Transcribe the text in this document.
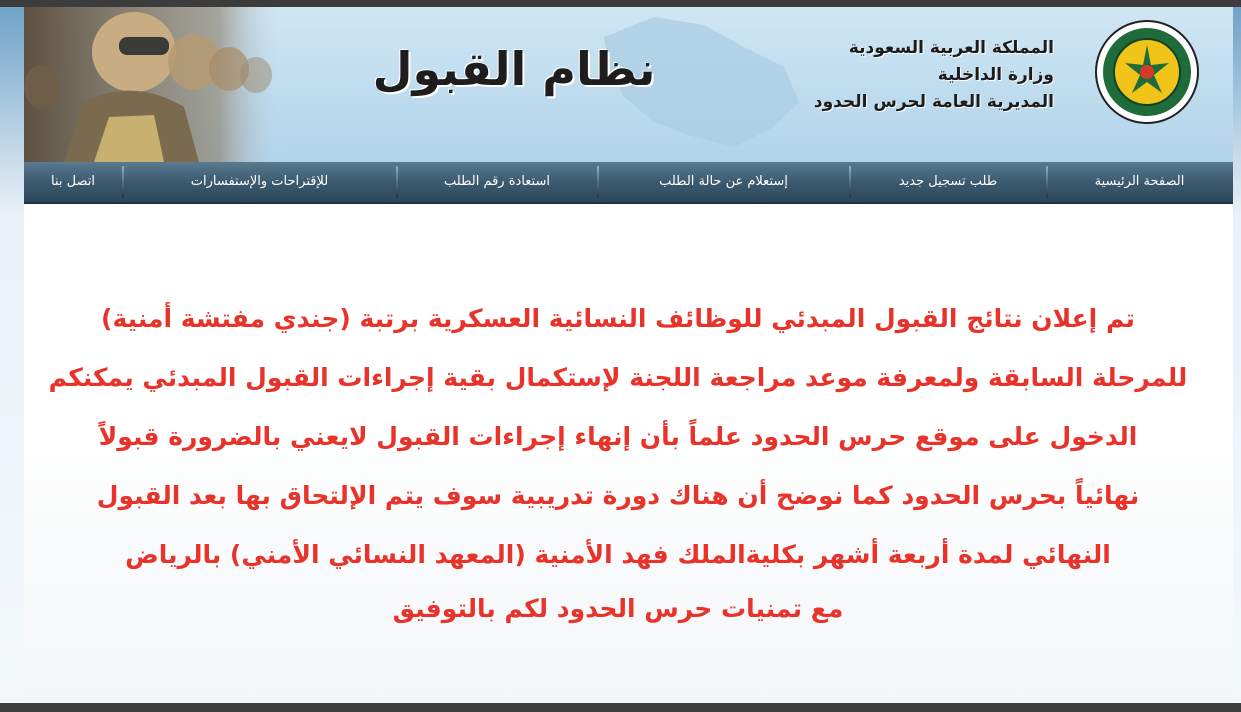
نظام القبول	المملكة العربية السعودية
وزارة الداخلية
المديرية العامة لحرس الحدود
الصفحة الرئيسية
طلب تسجيل جديد
إستعلام عن حالة الطلب
استعادة رقم الطلب
للإقتراحات والإستفسارات
اتصل بنا

تم إعلان نتائج القبول المبدئي للوظائف النسائية العسكرية برتبة (جندي مفتشة أمنية)

للمرحلة السابقة ولمعرفة موعد مراجعة اللجنة لإستكمال بقية إجراءات القبول المبدئي يمكنكم

الدخول على موقع حرس الحدود علماً بأن إنهاء إجراءات القبول لايعني بالضرورة قبولاً

نهائياً بحرس الحدود كما نوضح أن هناك دورة تدريبية سوف يتم الإلتحاق بها بعد القبول

النهائي لمدة أربعة أشهر بكليةالملك فهد الأمنية (المعهد النسائي الأمني) بالرياض

مع تمنيات حرس الحدود لكم بالتوفيق
